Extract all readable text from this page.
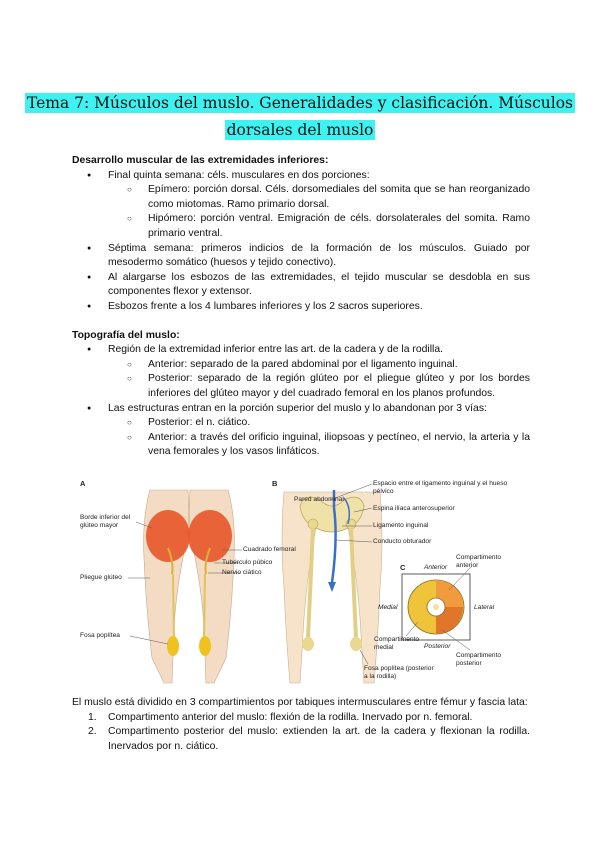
Tema 7: Músculos del muslo. Generalidades y clasificación. Músculos
dorsales del muslo

Desarrollo muscular de las extremidades inferiores:

● Final quinta semana: céls. musculares en dos porciones:
○ Epímero: porción dorsal. Céls. dorsomediales del somita que se han reorganizado como miotomas. Ramo primario dorsal.
○ Hipómero: porción ventral. Emigración de céls. dorsolaterales del somita. Ramo primario ventral.
● Séptima semana: primeros indicios de la formación de los músculos. Guiado por mesodermo somático (huesos y tejido conectivo).
● Al alargarse los esbozos de las extremidades, el tejido muscular se desdobla en sus componentes flexor y extensor.
● Esbozos frente a los 4 lumbares inferiores y los 2 sacros superiores.

Topografía del muslo:

● Región de la extremidad inferior entre las art. de la cadera y de la rodilla.
○ Anterior: separado de la pared abdominal por el ligamento inguinal.
○ Posterior: separado de la región glúteo por el pliegue glúteo y por los bordes inferiores del glúteo mayor y del cuadrado femoral en los planos profundos.
● Las estructuras entran en la porción superior del muslo y lo abandonan por 3 vías:
○ Posterior: el n. ciático.
○ Anterior: a través del orificio inguinal, iliopsoas y pectíneo, el nervio, la arteria y la vena femorales y los vasos linfáticos.
A	B
C
Borde inferior del glúteo mayor
Pliegue glúteo
Fosa poplítea
Cuadrado femoral
Tubérculo púbico
Nervio ciático
Pared abdominal
Espacio entre el ligamento inguinal y el hueso pélvico
Espina ilíaca anterosuperior
Ligamento inguinal
Conducto obturador
Fosa poplítea (posterior a la rodilla)
Anterior
Posterior
Medial	Lateral
Compartimento anterior
Compartimento medial
Compartimento posterior

El muslo está dividido en 3 compartimientos por tabiques intermusculares entre fémur y fascia lata:

1. Compartimento anterior del muslo: flexión de la rodilla. Inervado por n. femoral.
2. Compartimento posterior del muslo: extienden la art. de la cadera y flexionan la rodilla. Inervados por n. ciático.
